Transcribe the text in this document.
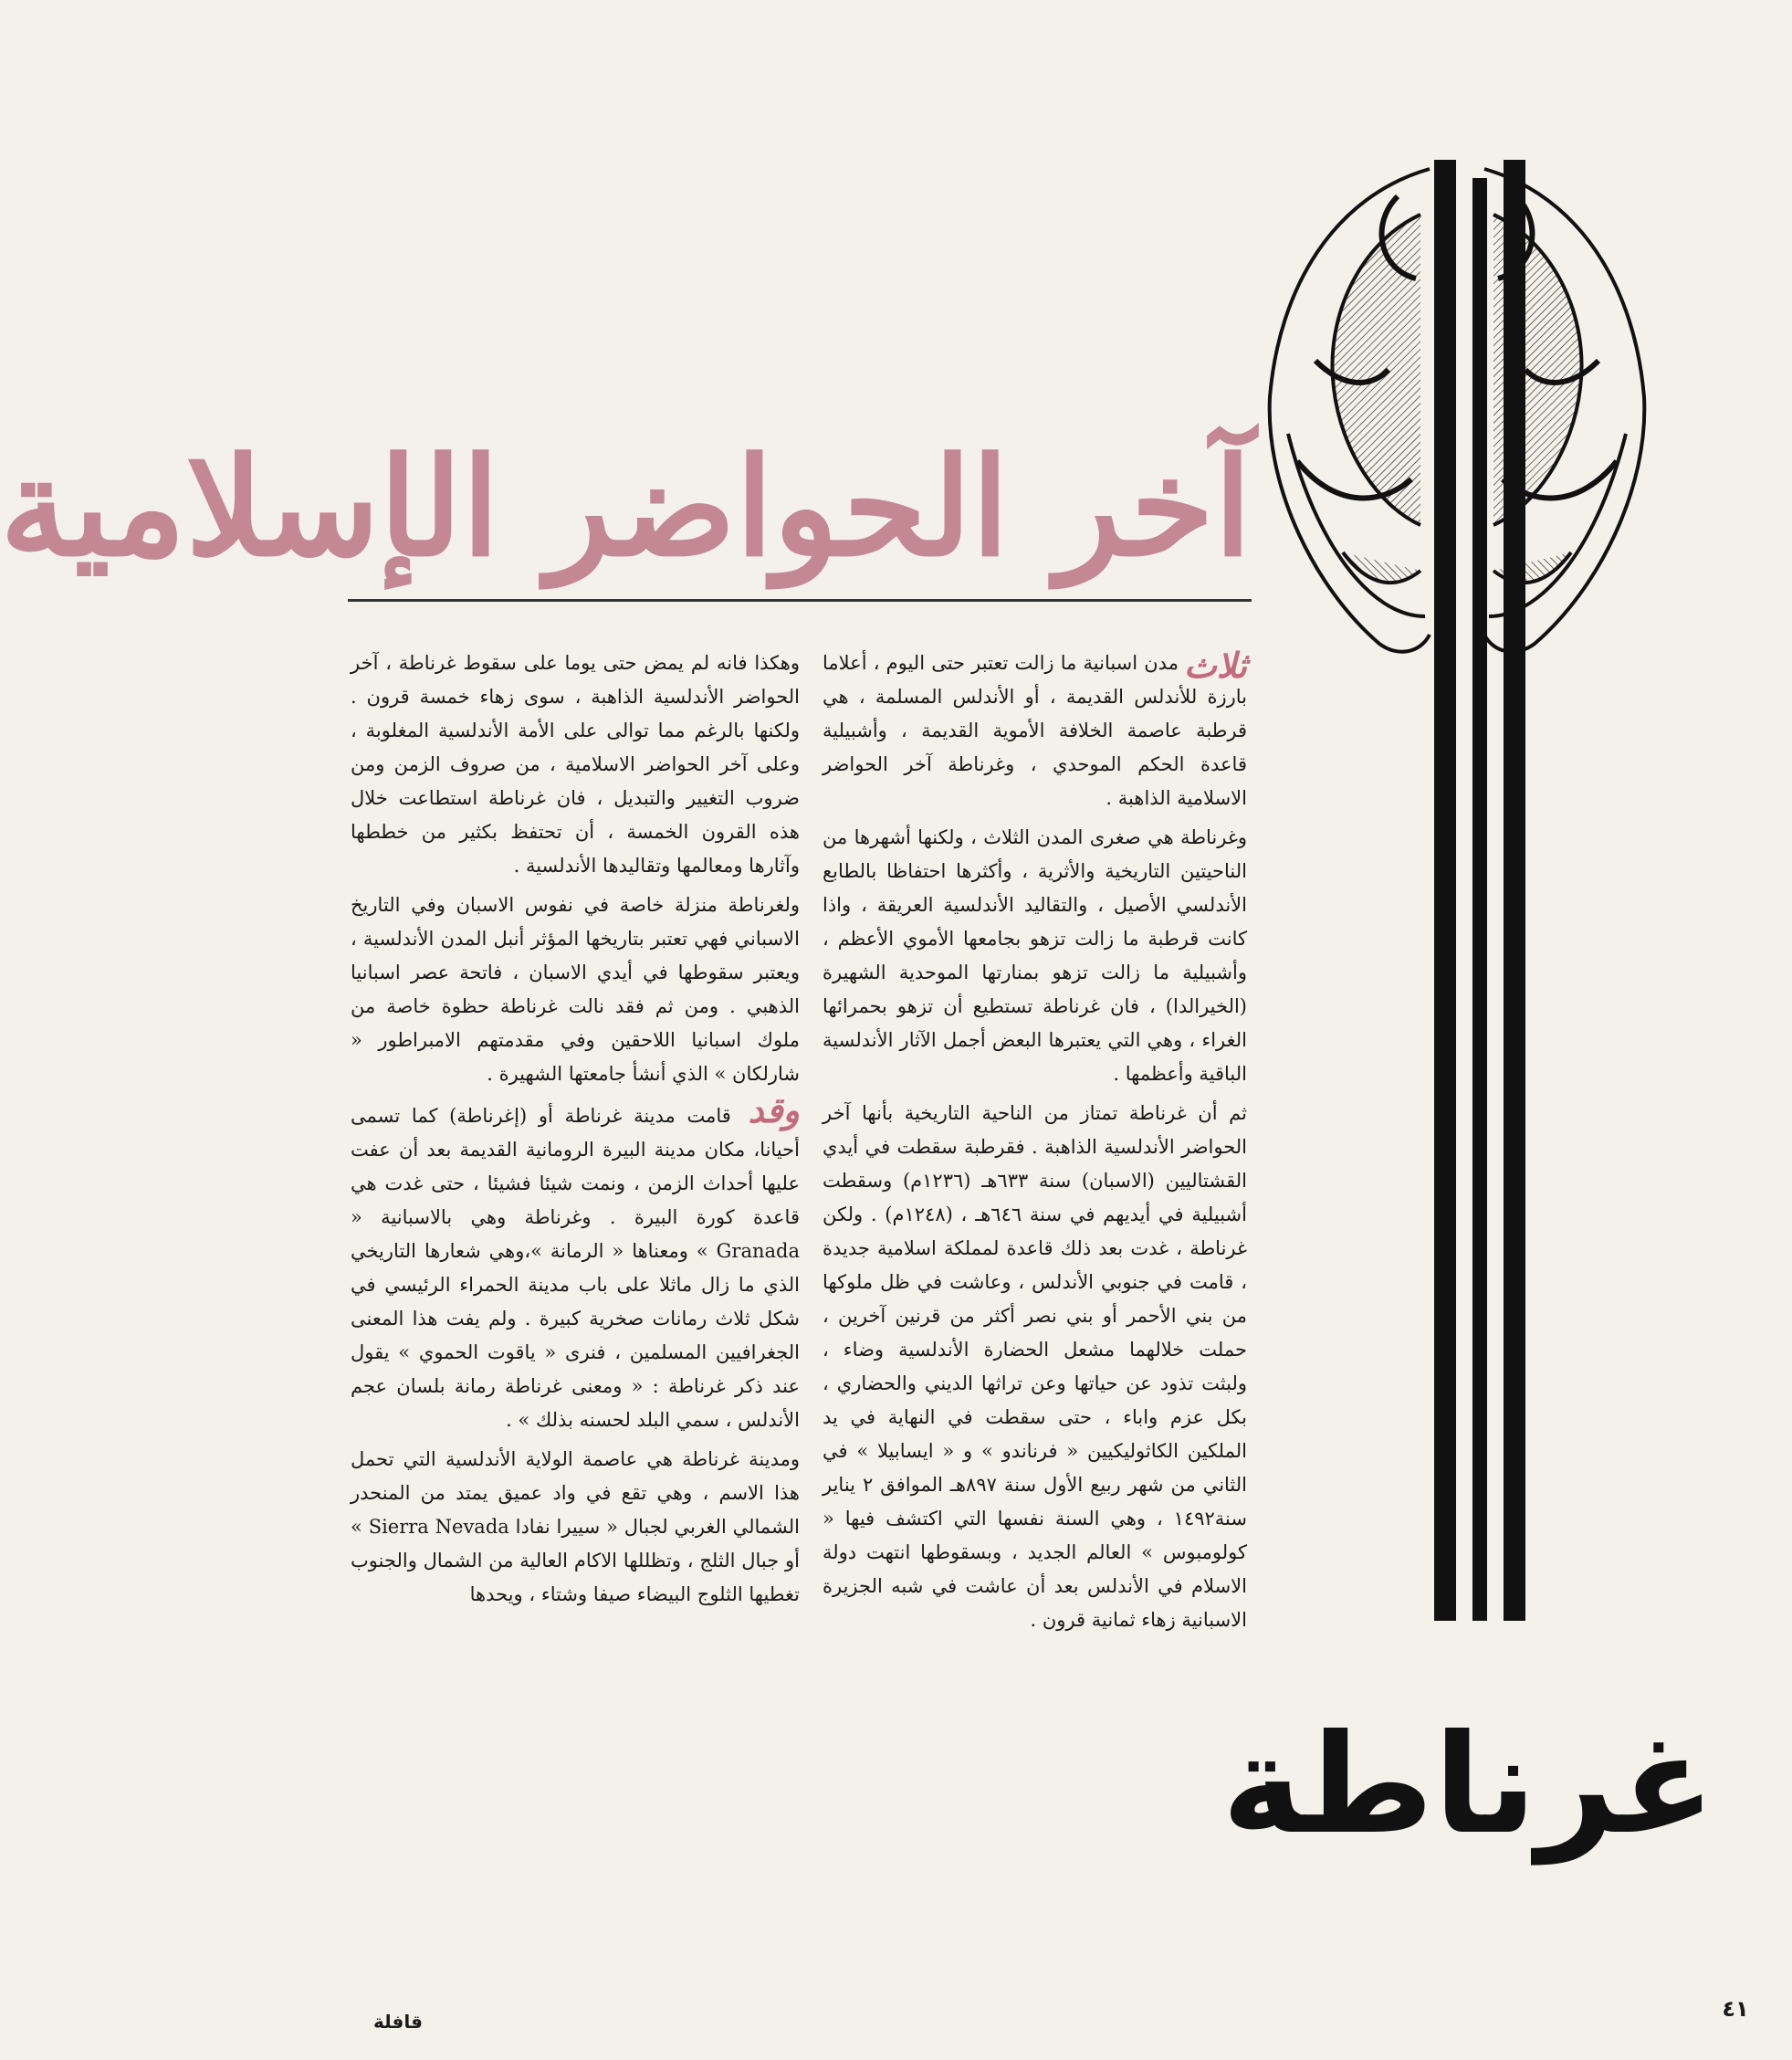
غرناطة
آخر الحواضر الإسلامية

ثلاث
مدن اسبانية ما زالت تعتبر حتى اليوم ، أعلاما بارزة للأندلس القديمة ، أو الأندلس المسلمة ، هي قرطبة عاصمة الخلافة الأموية القديمة ، وأشبيلية قاعدة الحكم الموحدي ، وغرناطة آخر الحواضر الاسلامية الذاهبة .

وغرناطة هي صغرى المدن الثلاث ، ولكنها أشهرها من الناحيتين التاريخية والأثرية ، وأكثرها احتفاظا بالطابع الأندلسي الأصيل ، والتقاليد الأندلسية العريقة ، واذا كانت قرطبة ما زالت تزهو بجامعها الأموي الأعظم ، وأشبيلية ما زالت تزهو بمنارتها الموحدية الشهيرة (الخيرالدا) ، فان غرناطة تستطيع أن تزهو بحمرائها الغراء ، وهي التي يعتبرها البعض أجمل الآثار الأندلسية الباقية وأعظمها .

ثم أن غرناطة تمتاز من الناحية التاريخية بأنها آخر الحواضر الأندلسية الذاهبة . فقرطبة سقطت في أيدي القشتاليين (الاسبان) سنة ٦٣٣هـ (١٢٣٦م) وسقطت أشبيلية في أيديهم في سنة ٦٤٦هـ ، (١٢٤٨م) . ولكن غرناطة ، غدت بعد ذلك قاعدة لمملكة اسلامية جديدة ، قامت في جنوبي الأندلس ، وعاشت في ظل ملوكها من بني الأحمر أو بني نصر أكثر من قرنين آخرين ، حملت خلالهما مشعل الحضارة الأندلسية وضاء ، ولبثت تذود عن حياتها وعن تراثها الديني والحضاري ، بكل عزم واباء ، حتى سقطت في النهاية في يد الملكين الكاثوليكيين « فرناندو » و « ايسابيلا » في الثاني من شهر ربيع الأول سنة ٨٩٧هـ الموافق ٢ يناير سنة١٤٩٢ ، وهي السنة نفسها التي اكتشف فيها « كولومبوس » العالم الجديد ، وبسقوطها انتهت دولة الاسلام في الأندلس بعد أن عاشت في شبه الجزيرة الاسبانية زهاء ثمانية قرون .

وهكذا فانه لم يمض حتى يوما على سقوط غرناطة ، آخر الحواضر الأندلسية الذاهبة ، سوى زهاء خمسة قرون . ولكنها بالرغم مما توالى على الأمة الأندلسية المغلوبة ، وعلى آخر الحواضر الاسلامية ، من صروف الزمن ومن ضروب التغيير والتبديل ، فان غرناطة استطاعت خلال هذه القرون الخمسة ، أن تحتفظ بكثير من خططها وآثارها ومعالمها وتقاليدها الأندلسية .

ولغرناطة منزلة خاصة في نفوس الاسبان وفي التاريخ الاسباني فهي تعتبر بتاريخها المؤثر أنبل المدن الأندلسية ، ويعتبر سقوطها في أيدي الاسبان ، فاتحة عصر اسبانيا الذهبي . ومن ثم فقد نالت غرناطة حظوة خاصة من ملوك اسبانيا اللاحقين وفي مقدمتهم الامبراطور « شارلكان » الذي أنشأ جامعتها الشهيرة .

وقد قامت مدينة غرناطة أو (إغرناطة) كما تسمى أحيانا، مكان مدينة البيرة الرومانية القديمة بعد أن عفت عليها أحداث الزمن ، ونمت شيئا فشيئا ، حتى غدت هي قاعدة كورة البيرة . وغرناطة وهي بالاسبانية « Granada » ومعناها « الرمانة »،وهي شعارها التاريخي الذي ما زال ماثلا على باب مدينة الحمراء الرئيسي في شكل ثلاث رمانات صخرية كبيرة . ولم يفت هذا المعنى الجغرافيين المسلمين ، فنرى « ياقوت الحموي » يقول عند ذكر غرناطة : « ومعنى غرناطة رمانة بلسان عجم الأندلس ، سمي البلد لحسنه بذلك » .

ومدينة غرناطة هي عاصمة الولاية الأندلسية التي تحمل هذا الاسم ، وهي تقع في واد عميق يمتد من المنحدر الشمالي الغربي لجبال « سييرا نفادا Sierra Nevada » أو جبال الثلج ، وتظللها الاكام العالية من الشمال والجنوب تغطيها الثلوج البيضاء صيفا وشتاء ، ويحدها

٤١
قافلة
